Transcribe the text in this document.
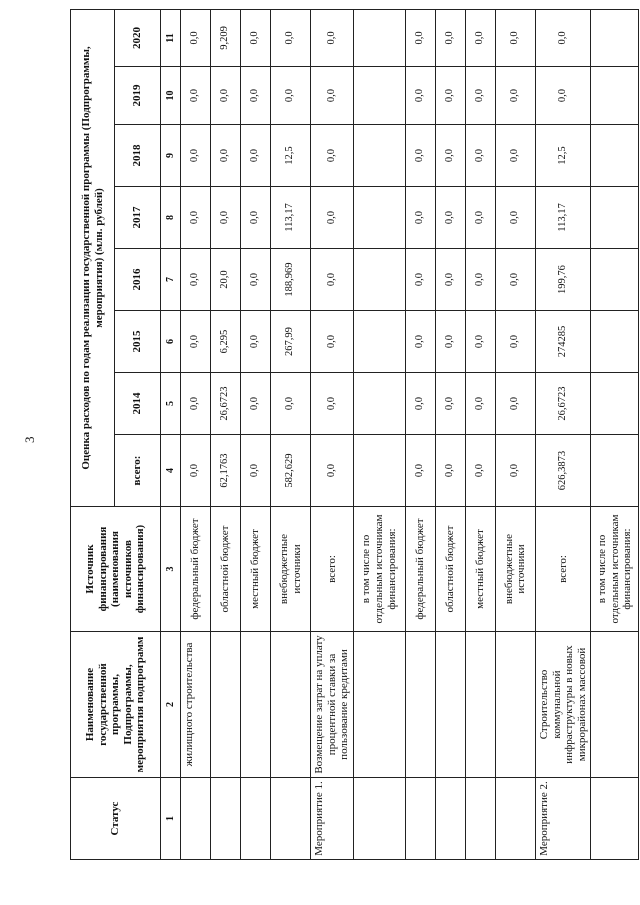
3
Статус	Наименование государственной программы, Подпрограммы, мероприятия подпрограмм	Источник финансирования (наименования источников финансирования)	Оценка расходов по годам реализации государственной программы (Подпрограммы, мероприятия) (млн. рублей)							
			всего:	2014	2015	2016	2017	2018	2019	2020
1	2	3	4	5	6	7	8	9	10	11
	жилищного строительства	федеральный бюджет	0,0	0,0	0,0	0,0	0,0	0,0	0,0	0,0
		областной бюджет	62,1763	26,6723	6,295	20,0	0,0	0,0	0,0	9,209
		местный бюджет	0,0	0,0	0,0	0,0	0,0	0,0	0,0	0,0
		внебюджетные источники	582,629	0,0	267,99	188,969	113,17	12,5	0,0	0,0
Мероприятие 1.	Возмещение затрат на уплату процентной ставки за пользование кредитами	всего:	0,0	0,0	0,0	0,0	0,0	0,0	0,0	0,0
		в том числе по отдельным источникам финансирования:								
		федеральный бюджет	0,0	0,0	0,0	0,0	0,0	0,0	0,0	0,0
		областной бюджет	0,0	0,0	0,0	0,0	0,0	0,0	0,0	0,0
		местный бюджет	0,0	0,0	0,0	0,0	0,0	0,0	0,0	0,0
		внебюджетные источники	0,0	0,0	0,0	0,0	0,0	0,0	0,0	0,0
Мероприятие 2.	Строительство коммунальной инфраструктуры в новых микрорайонах массовой	всего:	626,3873	26,6723	274285	199,76	113,17	12,5	0,0	0,0
		в том числе по отдельным источникам финансирования:								
